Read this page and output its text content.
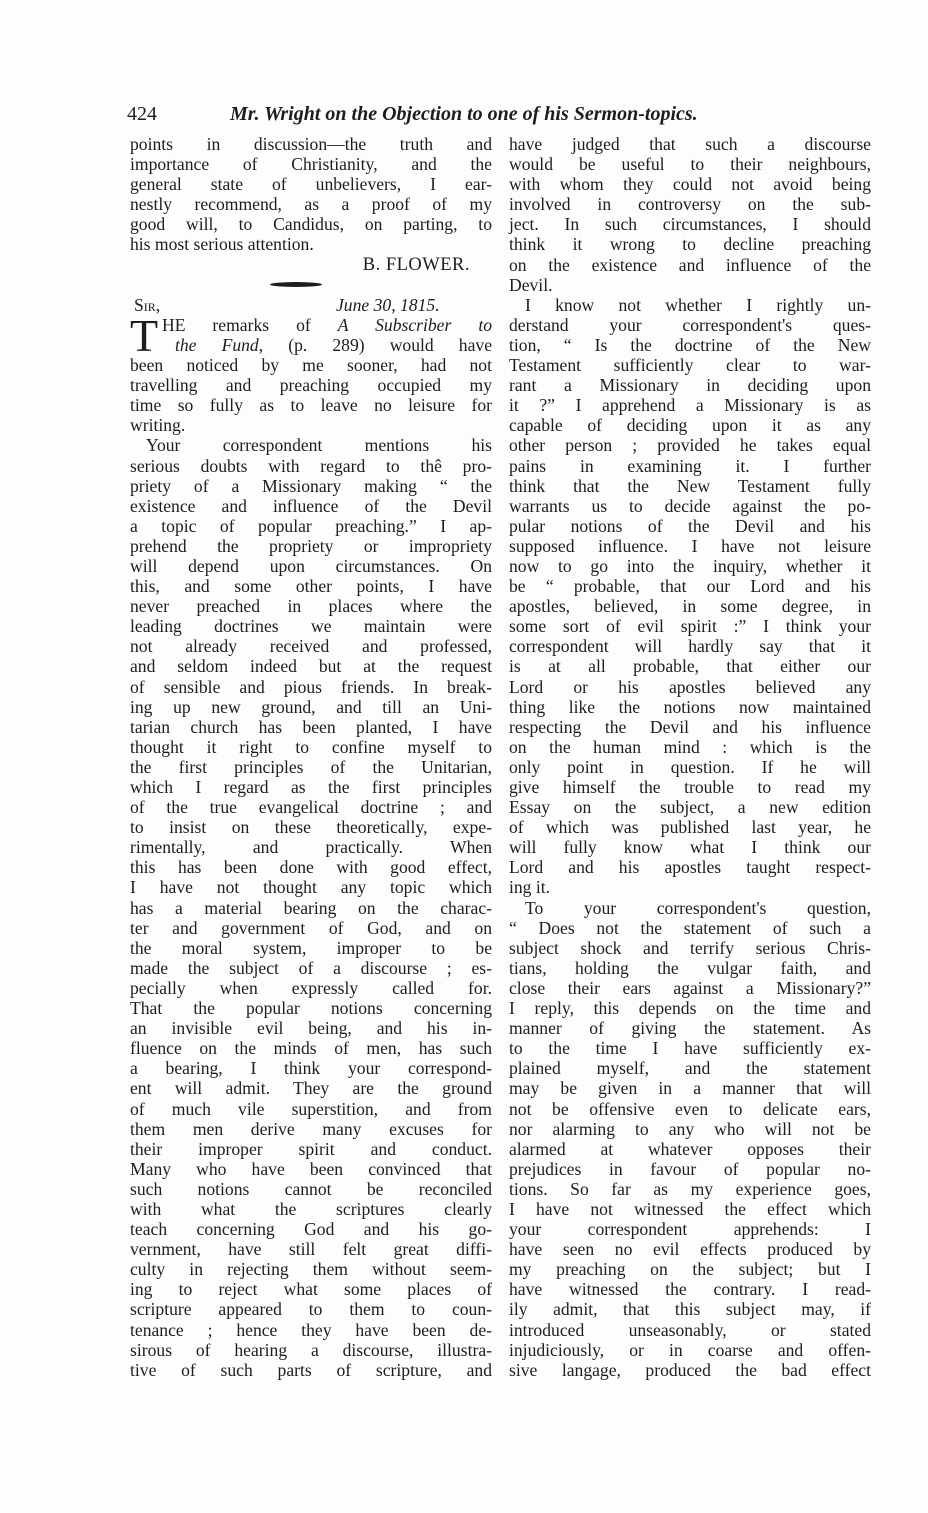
424	Mr. Wright on the Objection to one of his Sermon-topics.
points in discussion—the truth and
importance of Christianity, and the
general state of unbelievers, I ear-
nestly recommend, as a proof of my
good will, to Candidus, on parting, to
his most serious attention.
B. FLOWER.
Sir,	June 30, 1815.
T HE remarks of A Subscriber to
the Fund, (p. 289) would have
been noticed by me sooner, had not
travelling and preaching occupied my
time so fully as to leave no leisure for
writing.
Your correspondent mentions his
serious doubts with regard to thê pro-
priety of a Missionary making “ the
existence and influence of the Devil
a topic of popular preaching.” I ap-
prehend the propriety or impropriety
will depend upon circumstances. On
this, and some other points, I have
never preached in places where the
leading doctrines we maintain were
not already received and professed,
and seldom indeed but at the request
of sensible and pious friends. In break-
ing up new ground, and till an Uni-
tarian church has been planted, I have
thought it right to confine myself to
the first principles of the Unitarian,
which I regard as the first principles
of the true evangelical doctrine ; and
to insist on these theoretically, expe-
rimentally, and practically. When
this has been done with good effect,
I have not thought any topic which
has a material bearing on the charac-
ter and government of God, and on
the moral system, improper to be
made the subject of a discourse ; es-
pecially when expressly called for.
That the popular notions concerning
an invisible evil being, and his in-
fluence on the minds of men, has such
a bearing, I think your correspond-
ent will admit. They are the ground
of much vile superstition, and from
them men derive many excuses for
their improper spirit and conduct.
Many who have been convinced that
such notions cannot be reconciled
with what the scriptures clearly
teach concerning God and his go-
vernment, have still felt great diffi-
culty in rejecting them without seem-
ing to reject what some places of
scripture appeared to them to coun-
tenance ; hence they have been de-
sirous of hearing a discourse, illustra-
tive of such parts of scripture, and
have judged that such a discourse
would be useful to their neighbours,
with whom they could not avoid being
involved in controversy on the sub-
ject. In such circumstances, I should
think it wrong to decline preaching
on the existence and influence of the
Devil.
I know not whether I rightly un-
derstand your correspondent's ques-
tion, “ Is the doctrine of the New
Testament sufficiently clear to war-
rant a Missionary in deciding upon
it ?” I apprehend a Missionary is as
capable of deciding upon it as any
other person ; provided he takes equal
pains in examining it. I further
think that the New Testament fully
warrants us to decide against the po-
pular notions of the Devil and his
supposed influence. I have not leisure
now to go into the inquiry, whether it
be “ probable, that our Lord and his
apostles, believed, in some degree, in
some sort of evil spirit :” I think your
correspondent will hardly say that it
is at all probable, that either our
Lord or his apostles believed any
thing like the notions now maintained
respecting the Devil and his influence
on the human mind : which is the
only point in question. If he will
give himself the trouble to read my
Essay on the subject, a new edition
of which was published last year, he
will fully know what I think our
Lord and his apostles taught respect-
ing it.
To your correspondent's question,
“ Does not the statement of such a
subject shock and terrify serious Chris-
tians, holding the vulgar faith, and
close their ears against a Missionary?”
I reply, this depends on the time and
manner of giving the statement. As
to the time I have sufficiently ex-
plained myself, and the statement
may be given in a manner that will
not be offensive even to delicate ears,
nor alarming to any who will not be
alarmed at whatever opposes their
prejudices in favour of popular no-
tions. So far as my experience goes,
I have not witnessed the effect which
your correspondent apprehends: I
have seen no evil effects produced by
my preaching on the subject; but I
have witnessed the contrary. I read-
ily admit, that this subject may, if
introduced unseasonably, or stated
injudiciously, or in coarse and offen-
sive langage, produced the bad effect
